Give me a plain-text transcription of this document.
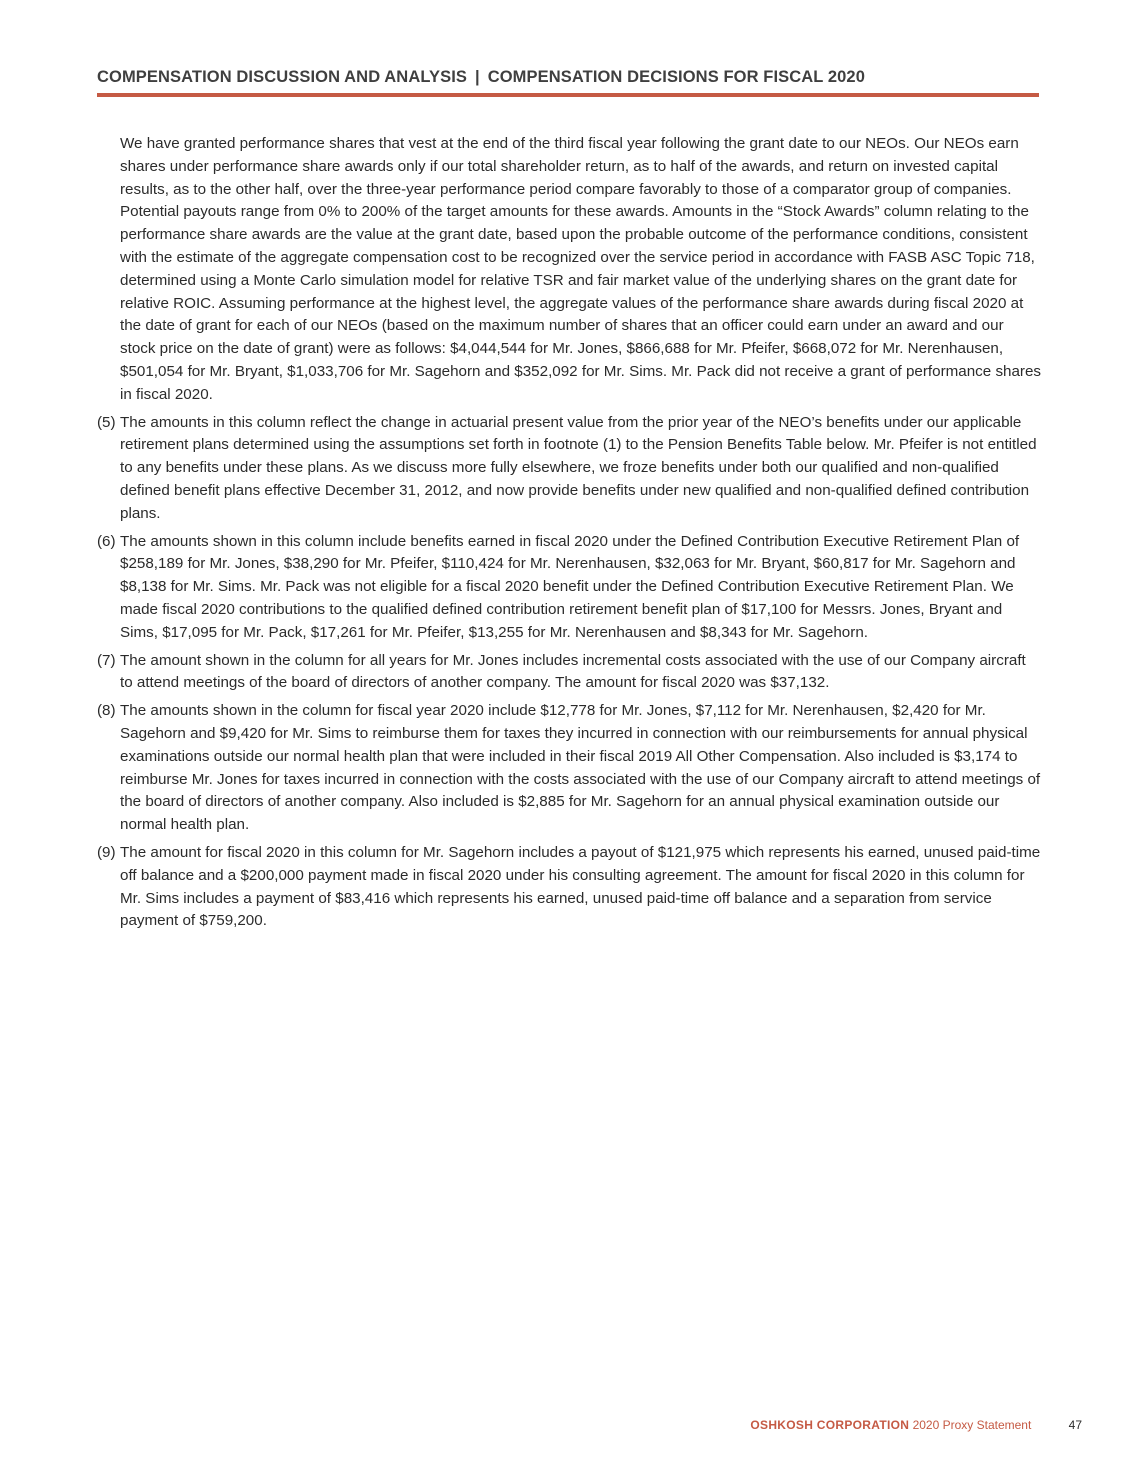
COMPENSATION DISCUSSION AND ANALYSIS | COMPENSATION DECISIONS FOR FISCAL 2020
We have granted performance shares that vest at the end of the third fiscal year following the grant date to our NEOs. Our NEOs earn shares under performance share awards only if our total shareholder return, as to half of the awards, and return on invested capital results, as to the other half, over the three-year performance period compare favorably to those of a comparator group of companies. Potential payouts range from 0% to 200% of the target amounts for these awards. Amounts in the “Stock Awards” column relating to the performance share awards are the value at the grant date, based upon the probable outcome of the performance conditions, consistent with the estimate of the aggregate compensation cost to be recognized over the service period in accordance with FASB ASC Topic 718, determined using a Monte Carlo simulation model for relative TSR and fair market value of the underlying shares on the grant date for relative ROIC. Assuming performance at the highest level, the aggregate values of the performance share awards during fiscal 2020 at the date of grant for each of our NEOs (based on the maximum number of shares that an officer could earn under an award and our stock price on the date of grant) were as follows: $4,044,544 for Mr. Jones, $866,688 for Mr. Pfeifer, $668,072 for Mr. Nerenhausen, $501,054 for Mr. Bryant, $1,033,706 for Mr. Sagehorn and $352,092 for Mr. Sims. Mr. Pack did not receive a grant of performance shares in fiscal 2020.
(5) The amounts in this column reflect the change in actuarial present value from the prior year of the NEO’s benefits under our applicable retirement plans determined using the assumptions set forth in footnote (1) to the Pension Benefits Table below. Mr. Pfeifer is not entitled to any benefits under these plans. As we discuss more fully elsewhere, we froze benefits under both our qualified and non-qualified defined benefit plans effective December 31, 2012, and now provide benefits under new qualified and non-qualified defined contribution plans.
(6) The amounts shown in this column include benefits earned in fiscal 2020 under the Defined Contribution Executive Retirement Plan of $258,189 for Mr. Jones, $38,290 for Mr. Pfeifer, $110,424 for Mr. Nerenhausen, $32,063 for Mr. Bryant, $60,817 for Mr. Sagehorn and $8,138 for Mr. Sims. Mr. Pack was not eligible for a fiscal 2020 benefit under the Defined Contribution Executive Retirement Plan. We made fiscal 2020 contributions to the qualified defined contribution retirement benefit plan of $17,100 for Messrs. Jones, Bryant and Sims, $17,095 for Mr. Pack, $17,261 for Mr. Pfeifer, $13,255 for Mr. Nerenhausen and $8,343 for Mr. Sagehorn.
(7) The amount shown in the column for all years for Mr. Jones includes incremental costs associated with the use of our Company aircraft to attend meetings of the board of directors of another company. The amount for fiscal 2020 was $37,132.
(8) The amounts shown in the column for fiscal year 2020 include $12,778 for Mr. Jones, $7,112 for Mr. Nerenhausen, $2,420 for Mr. Sagehorn and $9,420 for Mr. Sims to reimburse them for taxes they incurred in connection with our reimbursements for annual physical examinations outside our normal health plan that were included in their fiscal 2019 All Other Compensation. Also included is $3,174 to reimburse Mr. Jones for taxes incurred in connection with the costs associated with the use of our Company aircraft to attend meetings of the board of directors of another company. Also included is $2,885 for Mr. Sagehorn for an annual physical examination outside our normal health plan.
(9) The amount for fiscal 2020 in this column for Mr. Sagehorn includes a payout of $121,975 which represents his earned, unused paid-time off balance and a $200,000 payment made in fiscal 2020 under his consulting agreement. The amount for fiscal 2020 in this column for Mr. Sims includes a payment of $83,416 which represents his earned, unused paid-time off balance and a separation from service payment of $759,200.
OSHKOSH CORPORATION 2020 Proxy Statement	47
